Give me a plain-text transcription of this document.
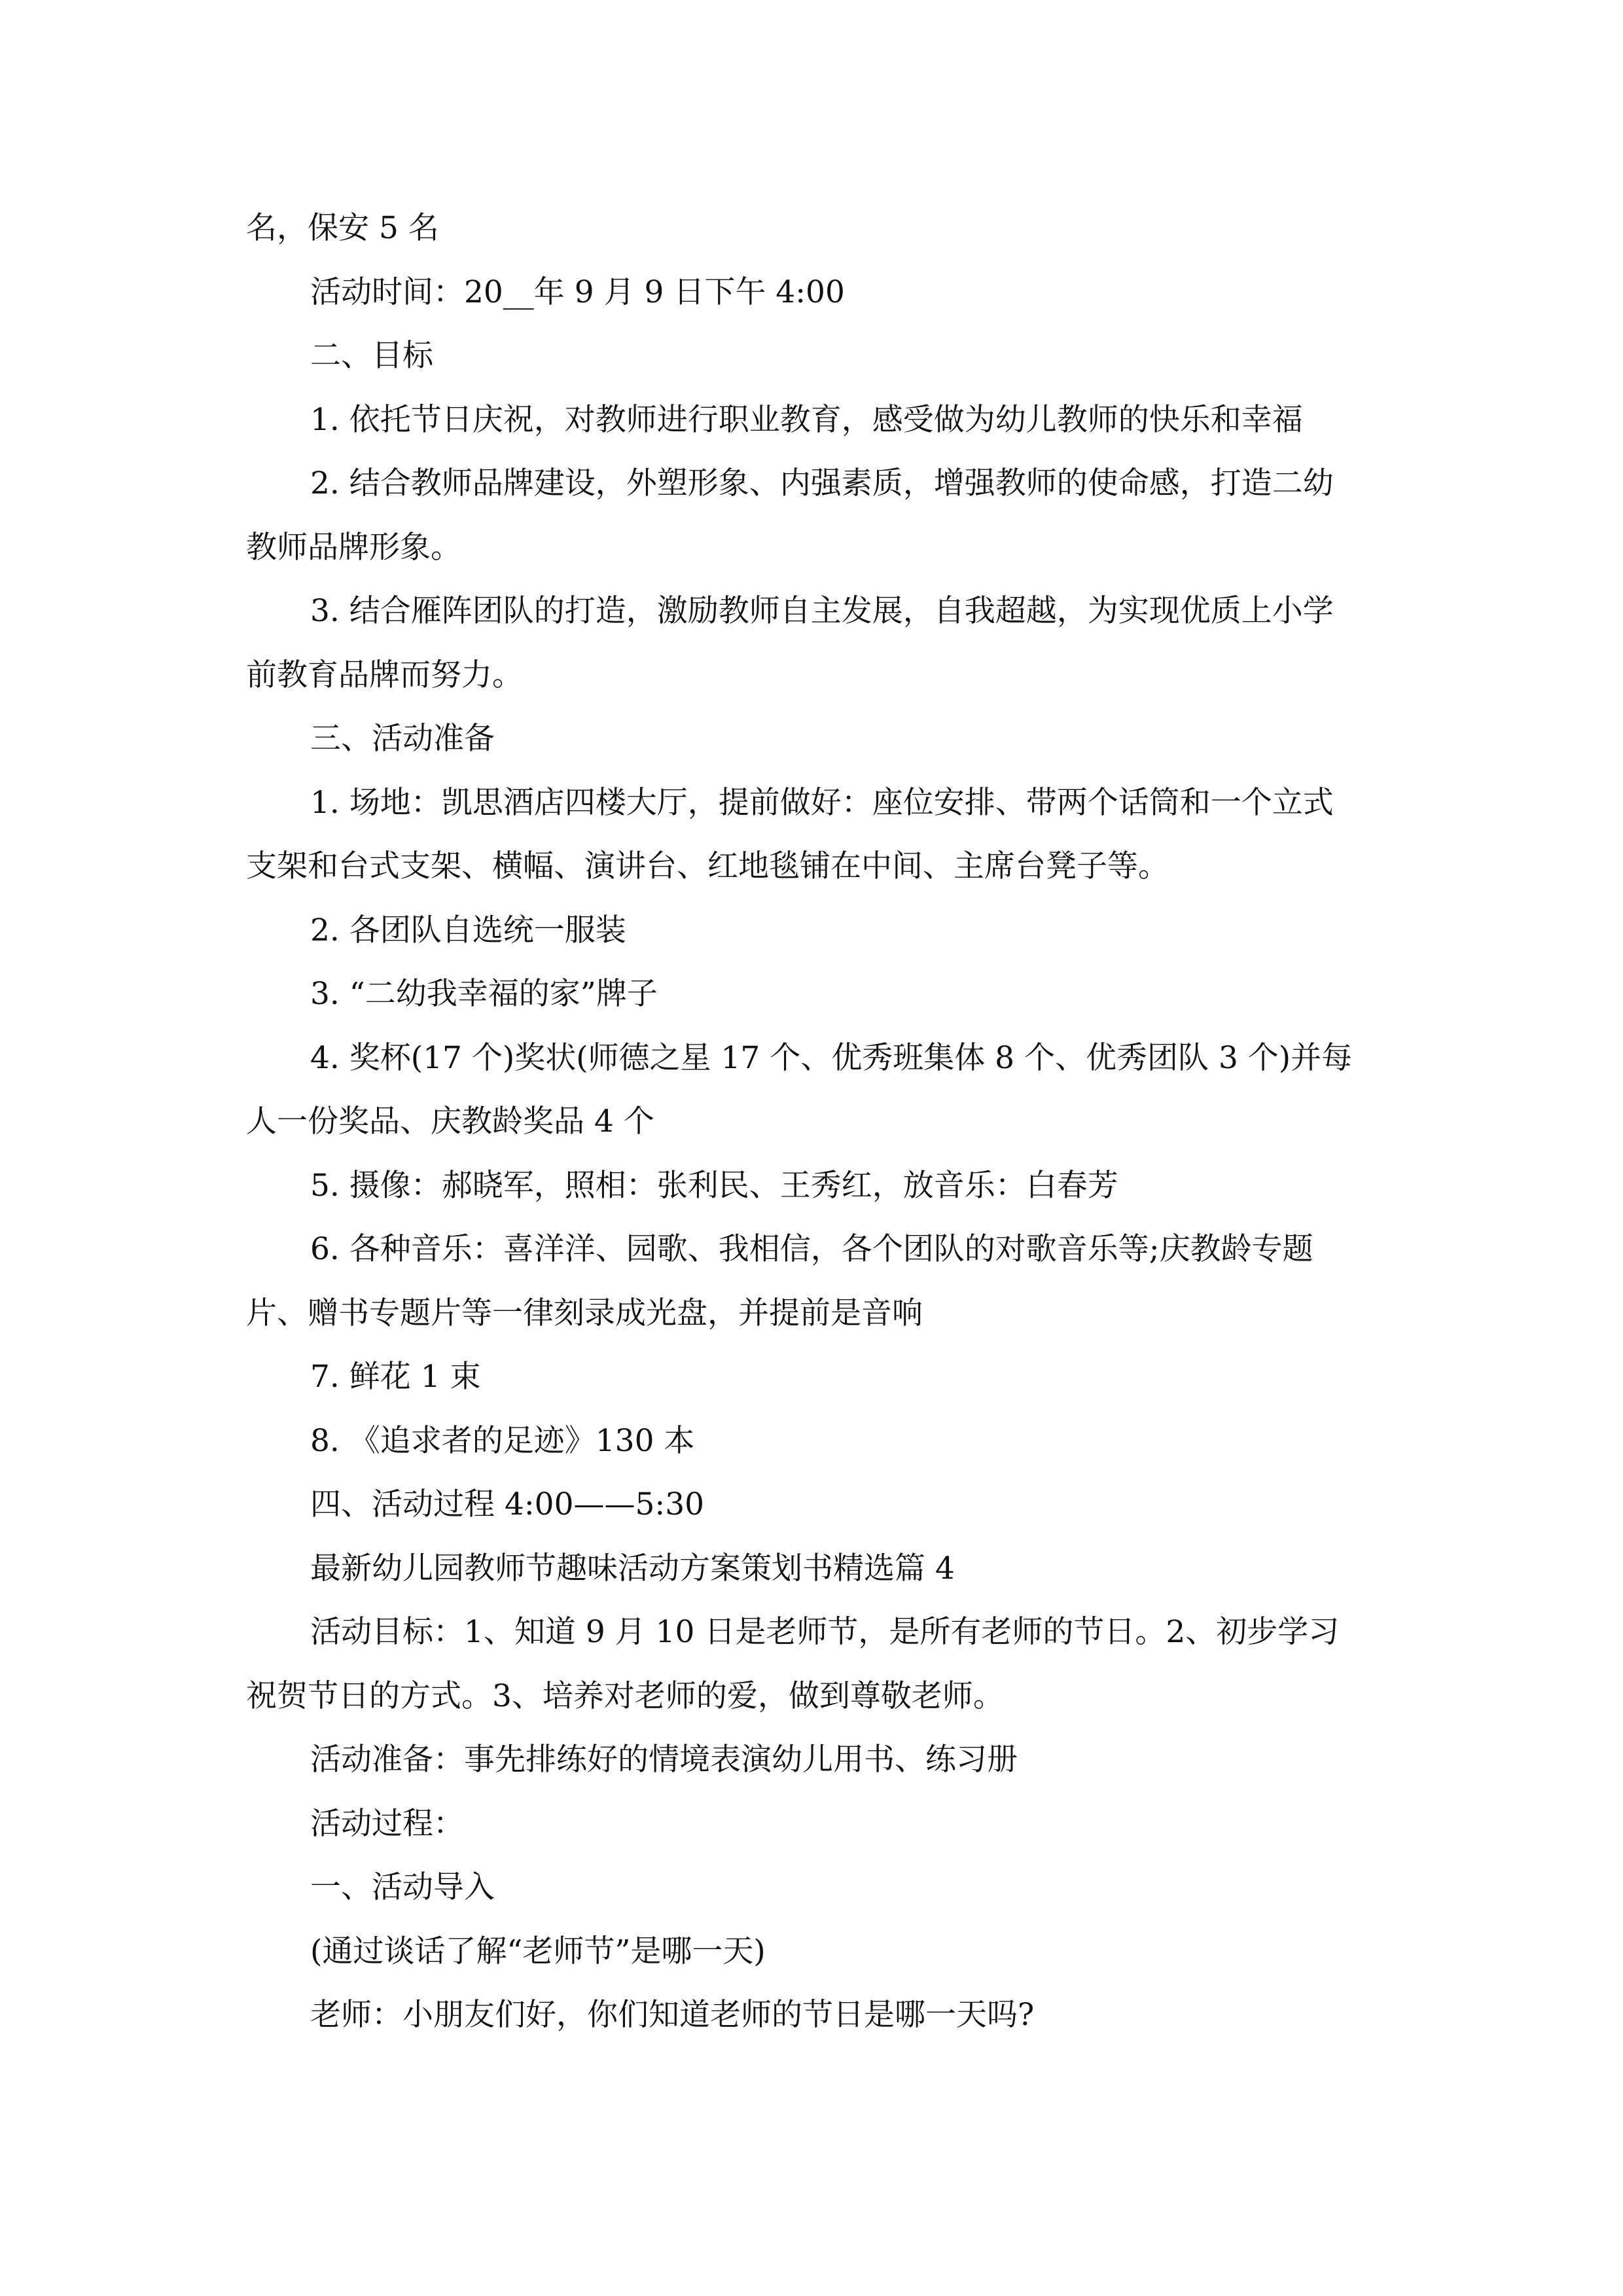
名，保安 5 名
活动时间：20__年 9 月 9 日下午 4:00
二、目标
1. 依托节日庆祝，对教师进行职业教育，感受做为幼儿教师的快乐和幸福
2. 结合教师品牌建设，外塑形象、内强素质，增强教师的使命感，打造二幼
教师品牌形象。
3. 结合雁阵团队的打造，激励教师自主发展，自我超越，为实现优质上小学
前教育品牌而努力。
三、活动准备
1. 场地：凯思酒店四楼大厅，提前做好：座位安排、带两个话筒和一个立式
支架和台式支架、横幅、演讲台、红地毯铺在中间、主席台凳子等。
2. 各团队自选统一服装
3. “二幼我幸福的家”牌子
4. 奖杯(17 个)奖状(师德之星 17 个、优秀班集体 8 个、优秀团队 3 个)并每
人一份奖品、庆教龄奖品 4 个
5. 摄像：郝晓军，照相：张利民、王秀红，放音乐：白春芳
6. 各种音乐：喜洋洋、园歌、我相信，各个团队的对歌音乐等;庆教龄专题
片、赠书专题片等一律刻录成光盘，并提前是音响
7. 鲜花 1 束
8. 《追求者的足迹》130 本
四、活动过程 4:00——5:30
最新幼儿园教师节趣味活动方案策划书精选篇 4
活动目标：1、知道 9 月 10 日是老师节，是所有老师的节日。2、初步学习
祝贺节日的方式。3、培养对老师的爱，做到尊敬老师。
活动准备：事先排练好的情境表演幼儿用书、练习册
活动过程：
一、活动导入
(通过谈话了解“老师节”是哪一天)
老师：小朋友们好，你们知道老师的节日是哪一天吗?
